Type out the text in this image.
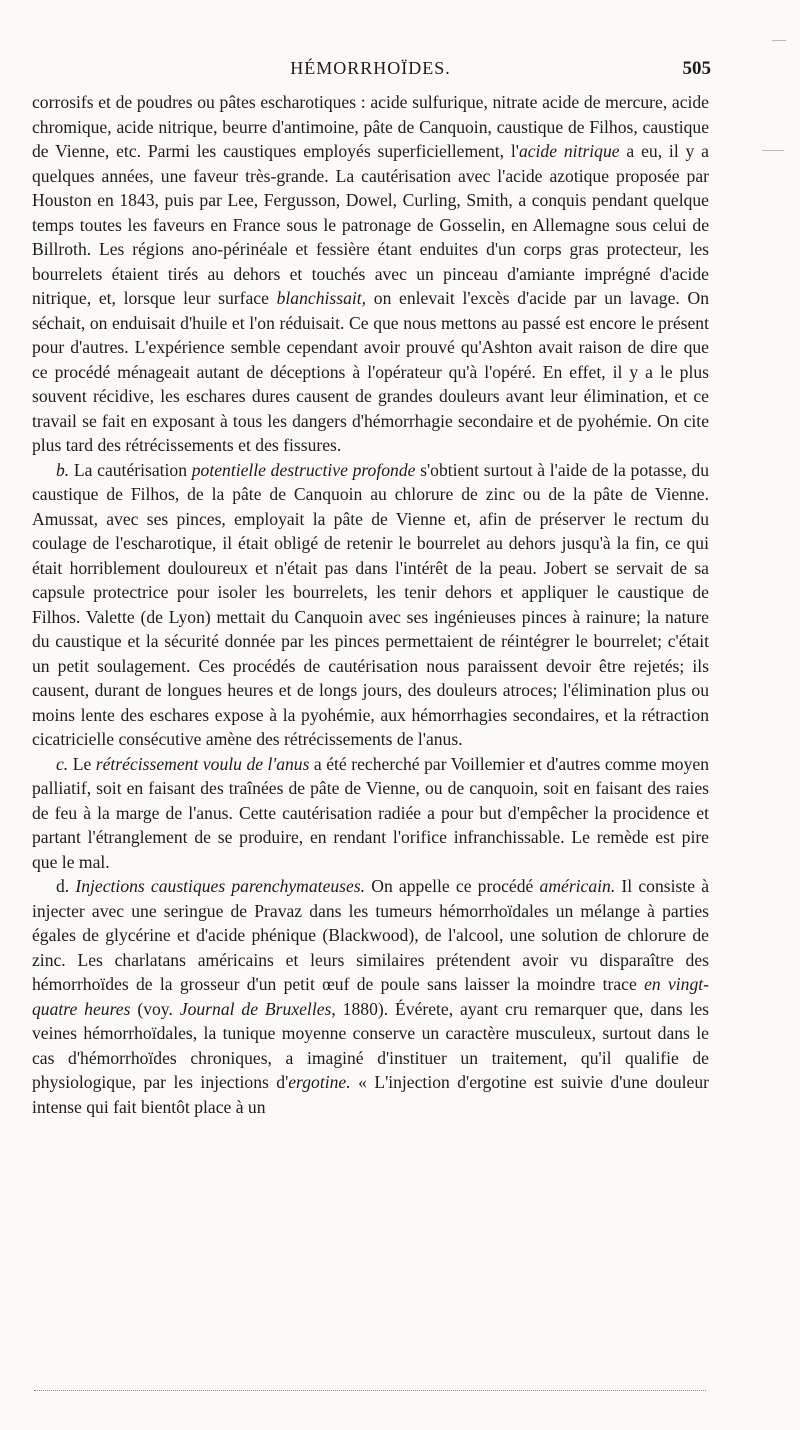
HÉMORRHOÏDES.	505

corrosifs et de poudres ou pâtes escharotiques : acide sulfurique, nitrate acide de mercure, acide chromique, acide nitrique, beurre d'antimoine, pâte de Canquoin, caustique de Filhos, caustique de Vienne, etc. Parmi les caustiques employés superficiellement, l'acide nitrique a eu, il y a quelques années, une faveur très-grande. La cautérisation avec l'acide azotique proposée par Houston en 1843, puis par Lee, Fergusson, Dowel, Curling, Smith, a conquis pendant quelque temps toutes les faveurs en France sous le patronage de Gosselin, en Allemagne sous celui de Billroth. Les régions ano-périnéale et fessière étant enduites d'un corps gras protecteur, les bourrelets étaient tirés au dehors et touchés avec un pinceau d'amiante imprégné d'acide nitrique, et, lorsque leur surface blanchissait, on enlevait l'excès d'acide par un lavage. On séchait, on enduisait d'huile et l'on réduisait. Ce que nous mettons au passé est encore le présent pour d'autres. L'expérience semble cependant avoir prouvé qu'Ashton avait raison de dire que ce procédé ménageait autant de déceptions à l'opérateur qu'à l'opéré. En effet, il y a le plus souvent récidive, les eschares dures causent de grandes douleurs avant leur élimination, et ce travail se fait en exposant à tous les dangers d'hémorrhagie secondaire et de pyohémie. On cite plus tard des rétrécissements et des fissures.

b. La cautérisation potentielle destructive profonde s'obtient surtout à l'aide de la potasse, du caustique de Filhos, de la pâte de Canquoin au chlorure de zinc ou de la pâte de Vienne. Amussat, avec ses pinces, employait la pâte de Vienne et, afin de préserver le rectum du coulage de l'escharotique, il était obligé de retenir le bourrelet au dehors jusqu'à la fin, ce qui était horriblement douloureux et n'était pas dans l'intérêt de la peau. Jobert se servait de sa capsule protectrice pour isoler les bourrelets, les tenir dehors et appliquer le caustique de Filhos. Valette (de Lyon) mettait du Canquoin avec ses ingénieuses pinces à rainure; la nature du caustique et la sécurité donnée par les pinces permettaient de réintégrer le bourrelet; c'était un petit soulagement. Ces procédés de cautérisation nous paraissent devoir être rejetés; ils causent, durant de longues heures et de longs jours, des douleurs atroces; l'élimination plus ou moins lente des eschares expose à la pyohémie, aux hémorrhagies secondaires, et la rétraction cicatricielle consécutive amène des rétrécissements de l'anus.

c. Le rétrécissement voulu de l'anus a été recherché par Voillemier et d'autres comme moyen palliatif, soit en faisant des traînées de pâte de Vienne, ou de canquoin, soit en faisant des raies de feu à la marge de l'anus. Cette cautérisation radiée a pour but d'empêcher la procidence et partant l'étranglement de se produire, en rendant l'orifice infranchissable. Le remède est pire que le mal.

d. Injections caustiques parenchymateuses. On appelle ce procédé américain. Il consiste à injecter avec une seringue de Pravaz dans les tumeurs hémorrhoïdales un mélange à parties égales de glycérine et d'acide phénique (Blackwood), de l'alcool, une solution de chlorure de zinc. Les charlatans américains et leurs similaires prétendent avoir vu disparaître des hémorrhoïdes de la grosseur d'un petit œuf de poule sans laisser la moindre trace en vingt-quatre heures (voy. Journal de Bruxelles, 1880). Évérete, ayant cru remarquer que, dans les veines hémorrhoïdales, la tunique moyenne conserve un caractère musculeux, surtout dans le cas d'hémorrhoïdes chroniques, a imaginé d'instituer un traitement, qu'il qualifie de physiologique, par les injections d'ergotine. « L'injection d'ergotine est suivie d'une douleur intense qui fait bientôt place à un
